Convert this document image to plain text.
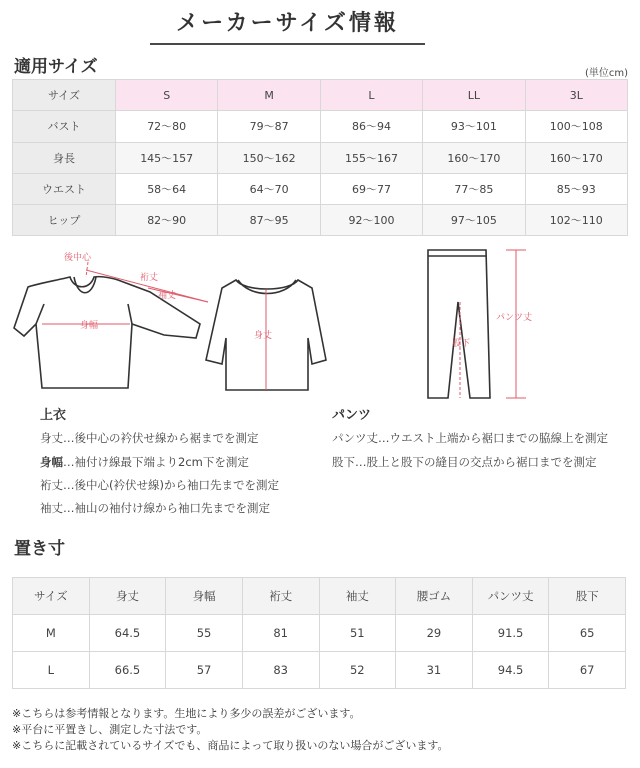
メーカーサイズ情報
適用サイズ	(単位cm)
サイズ	S	M	L	LL	3L
バスト	72～80	79～87	86～94	93～101	100～108
身長	145～157	150～162	155～167	160～170	160～170
ウエスト	58～64	64～70	69～77	77～85	85～93
ヒップ	82～90	87～95	92～100	97～105	102～110
後中心
裄丈
袖丈
身幅
身丈
パンツ丈
股下
上衣
身丈…後中心の衿伏せ線から裾までを測定
身幅…袖付け線最下端より2cm下を測定
裄丈…後中心(衿伏せ線)から袖口先までを測定
袖丈…袖山の袖付け線から袖口先までを測定
パンツ
パンツ丈…ウエスト上端から裾口までの脇線上を測定
股下…股上と股下の縫目の交点から裾口までを測定
置き寸
サイズ	身丈	身幅	裄丈	袖丈	腰ゴム	パンツ丈	股下
M	64.5	55	81	51	29	91.5	65
L	66.5	57	83	52	31	94.5	67
※こちらは参考情報となります。生地により多少の誤差がございます。
※平台に平置きし、測定した寸法です。
※こちらに記載されているサイズでも、商品によって取り扱いのない場合がございます。
